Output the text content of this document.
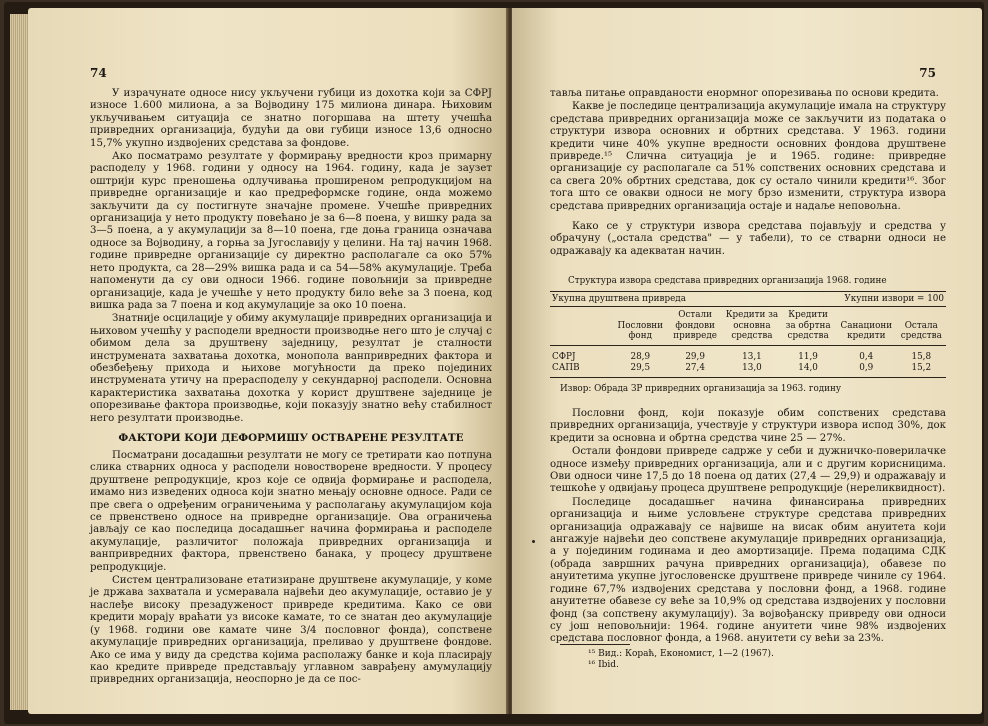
74

У израчунате односе нису укључени губици из дохотка који за СФРЈ износе 1.600 милиона, а за Војводину 175 милиона динара. Њиховим укључивањем ситуација се знатно погоршава на штету учешћа привредних организација, будући да ови губици износе 13,6 односно 15,7% укупно издвојених средстава за фондове.

Ако посматрамо резултате у формирању вредности кроз примарну расподелу у 1968. години у односу на 1964. годину, када је заузет оштрији курс преношења одлучивања проширеном репродукцијом на привредне организације и као предреформске године, онда можемо закључити да су постигнуте значајне промене. Учешће привредних организација у нето продукту повећано је за 6—8 поена, у вишку рада за 3—5 поена, а у акумулацији за 8—10 поена, где доња граница означава односе за Војводину, а горња за Југославију у целини. На тај начин 1968. године привредне организације су директно располагале са око 57% нето продукта, са 28—29% вишка рада и са 54—58% акумулације. Треба напоменути да су ови односи 1966. године повољнији за привредне организације, када је учешће у нето продукту било веће за 3 поена, код вишка рада за 7 поена и код акумулације за око 10 поена.

Знатније осцилације у обиму акумулације привредних организација и њиховом учешћу у расподели вредности производње него што је случај с обимом дела за друштвену заједницу, резултат је сталности инструмената захватања дохотка, монопола ванпривредних фактора и обезбеђењу прихода и њихове могућности да преко појединих инструмената утичу на прерасподелу у секундарној расподели. Основна карактеристика захватања дохотка у корист друштвене заједнице је опорезивање фактора производње, који показују знатно већу стабилност него резултати производње.

ФАКТОРИ КОЈИ ДЕФОРМИШУ ОСТВАРЕНЕ РЕЗУЛТАТЕ

Посматрани досадашњи резултати не могу се третирати као потпуна слика стварних односа у расподели новостворене вредности. У процесу друштвене репродукције, кроз које се одвија формирање и расподела, имамо низ изведених односа који знатно мењају основне односе. Ради се пре свега о одређеним ограничењима у располагању акумулацијом која се првенствено односе на привредне организације. Ова ограничења јављају се као последица досадашњег начина формирања и расподеле акумулације, различитог положаја привредних организација и ванпривредних фактора, првенствено банака, у процесу друштвене репродукције.

Систем централизоване етатизиране друштвене акумулације, у коме је држава захватала и усмеравала највећи део акумулације, оставио је у наслеђе високу презадуженост привреде кредитима. Како се ови кредити морају враћати уз високе камате, то се знатан део акумулације (у 1968. години ове камате чине 3/4 пословног фонда), сопствене акумулације привредних организација, преливао у друштвене фондове. Ако се има у виду да средства којима располажу банке и која пласирају као кредите привреде представљају углавном заврађену амумулацију привредних организација, неоспорно је да се пос-

75

тавља питање оправданости енормног опорезивања по основи кредита.

Какве је последице централизација акумулације имала на структуру средстава привредних организација може се закључити из података о структури извора основних и обртних средстава. У 1963. години кредити чине 40% укупне вредности основних фондова друштвене привреде.¹⁵ Слична ситуација је и 1965. године: привредне организације су располагале са 51% сопствених основних средстава и са свега 20% обртних средстава, док су остало чинили кредити¹⁶. Због тога што се овакви односи не могу брзо изменити, структура извора средстава привредних организација остаје и надаље неповољна.

Како се у структури извора средстава појављују и средства у обрачуну („остала средства" — у табели), то се стварни односи не одражавају ка адекватан начин.

Структура извора средстава привредних организација 1968. године
Укупна друштвена привреда				Укупни извори = 100		
	Пословни фонд	Остали фондови привреде	Кредити за основна средства	Кредити за обртна средства	Санациони кредити	Остала средства
СФРЈ	28,9	29,9	13,1	11,9	0,4	15,8
САПВ	29,5	27,4	13,0	14,0	0,9	15,2
Извор: Обрада ЗР привредних организација за 1963. годину

Пословни фонд, који показује обим сопствених средстава привредних организација, учествује у структури извора испод 30%, док кредити за основна и обртна средства чине 25 — 27%.

Остали фондови привреде садрже у себи и дужничко-поверилачке односе између привредних организација, али и с другим корисницима. Ови односи чине 17,5 до 18 поена од датих (27,4 — 29,9) и одражавају и тешкоће у одвијању процеса друштвене репродукције (нереликвидност).

Последице досадашњег начина финансирања привредних организација и њиме условљене структуре средстава привредних организација одражавају се највише на висак обим ануитета који ангажује највећи део сопствене акумулације привредних организација, а у појединим годинама и део амортизације. Према подацима СДК (обрада завршних рачуна привредних организација), обавезе по ануитетима укупне југословенске друштвене привреде чиниле су 1964. године 67,7% издвојених средстава у пословни фонд, а 1968. године ануитетне обавезе су веће за 10,9% од средстава издвојених у пословни фонд (за сопствену акумулацију). За војвођанску привреду ови односи су још неповољнији: 1964. године ануитети чине 98% издвојених средстава пословног фонда, а 1968. ануитети су већи за 23%.

¹⁵ Вид.: Кораћ, Економист, 1—2 (1967).
¹⁶ Ibid.
